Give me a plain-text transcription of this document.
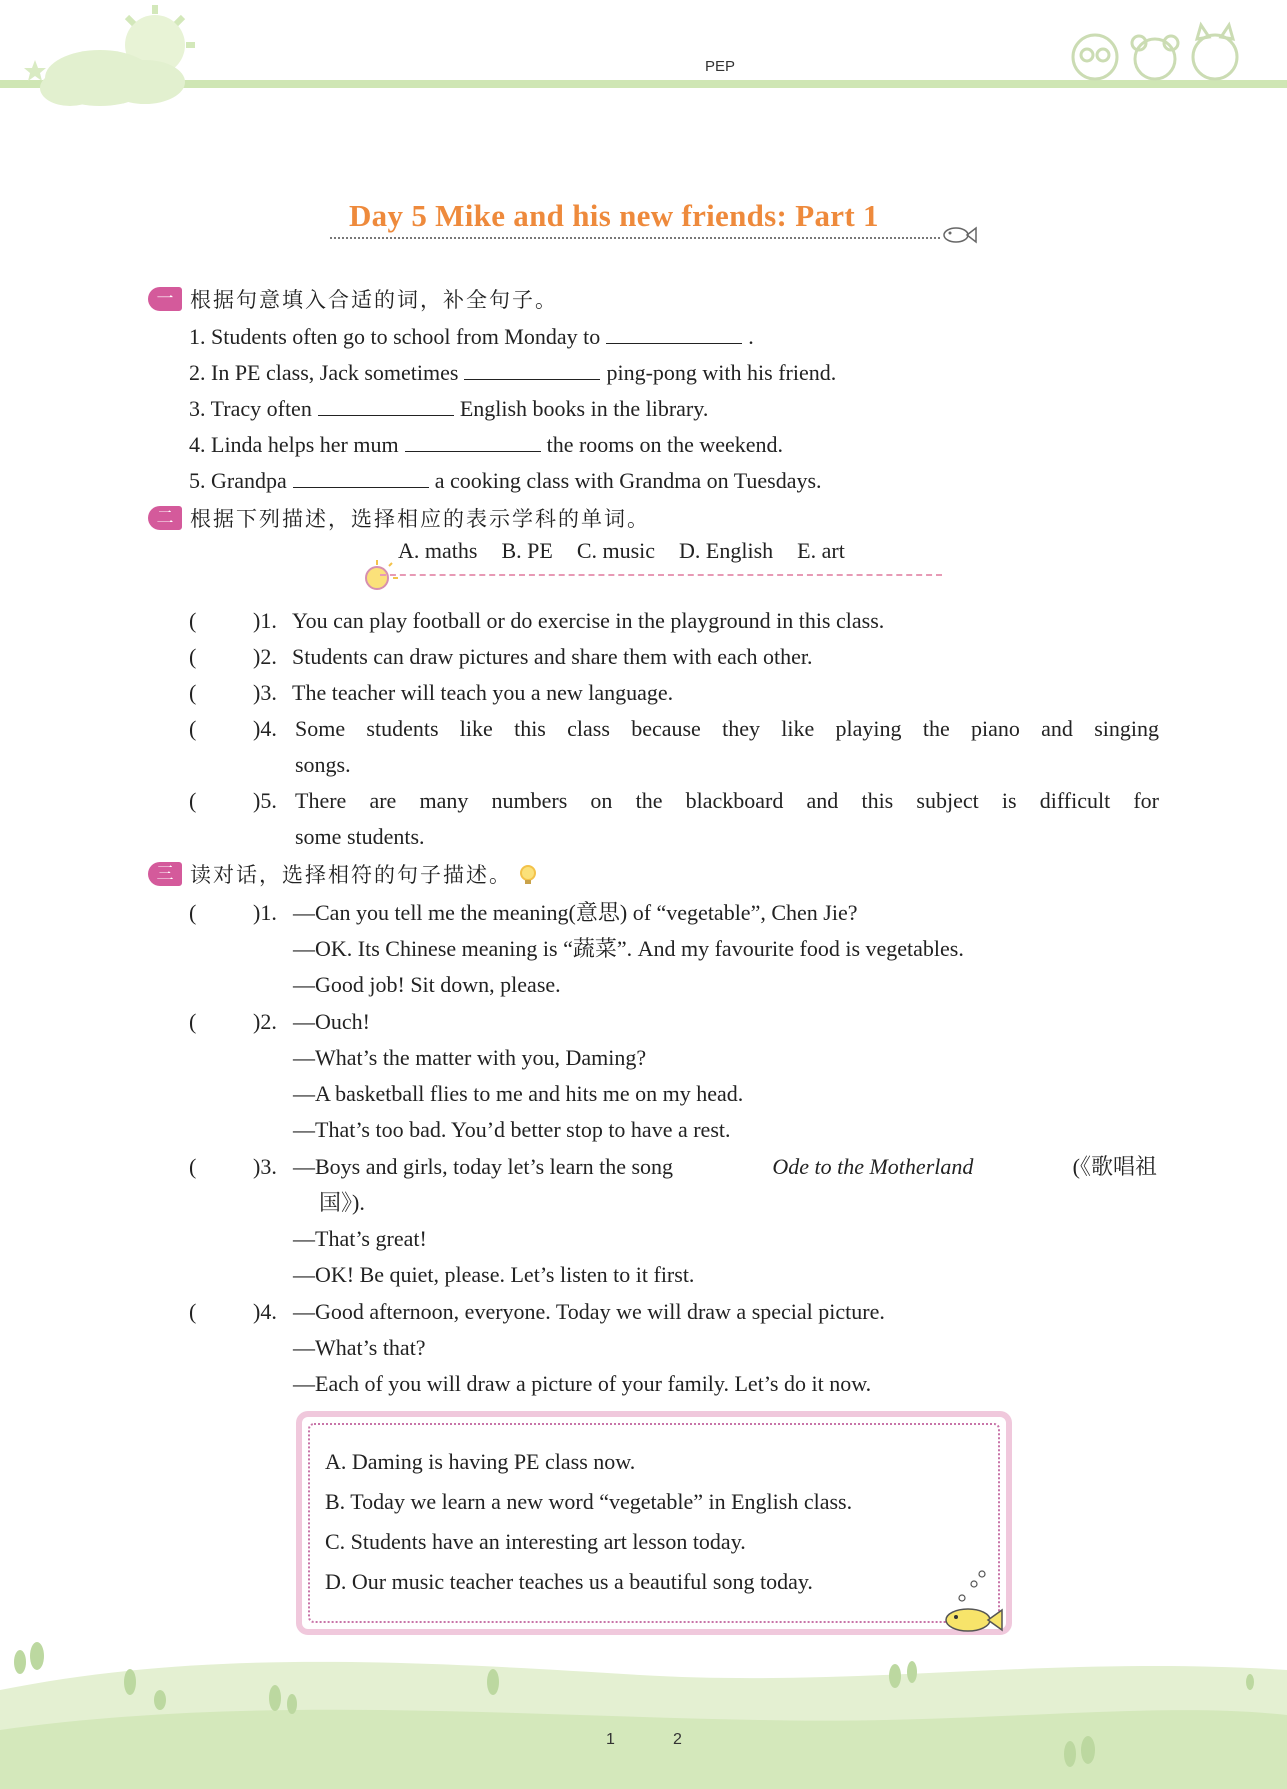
PEP
Day 5 Mike and his new friends: Part 1
一 根据句意填入合适的词，补全句子。
1. Students often go to school from Monday to	.
2. In PE class, Jack sometimes	ping-pong with his friend.
3. Tracy often	English books in the library.
4. Linda helps her mum	the rooms on the weekend.
5. Grandpa	a cooking class with Grandma on Tuesdays.
二 根据下列描述，选择相应的表示学科的单词。
A. maths B. PE C. music D. English E. art
(	)1. You can play football or do exercise in the playground in this class.
(	)2. Students can draw pictures and share them with each other.
(	)3. The teacher will teach you a new language.
(	)4. Some students like this class because they like playing the piano and singing
songs.
(	)5. There are many numbers on the blackboard and this subject is difficult for
some students.
三 读对话，选择相符的句子描述。
(	)1. —Can you tell me the meaning(意思) of “vegetable”, Chen Jie?
—OK. Its Chinese meaning is “蔬菜”. And my favourite food is vegetables.
—Good job! Sit down, please.
(	)2. —Ouch!
—What’s the matter with you, Daming?
—A basketball flies to me and hits me on my head.
—That’s too bad. You’d better stop to have a rest.
(	)3. —Boys and girls, today let’s learn the song	Ode to the Motherland	(《歌唱祖
国》).
—That’s great!
—OK! Be quiet, please. Let’s listen to it first.
(	)4. —Good afternoon, everyone. Today we will draw a special picture.
—What’s that?
—Each of you will draw a picture of your family. Let’s do it now.
A. Daming is having PE class now.
B. Today we learn a new word “vegetable” in English class.
C. Students have an interesting art lesson today.
D. Our music teacher teaches us a beautiful song today.
1	2
